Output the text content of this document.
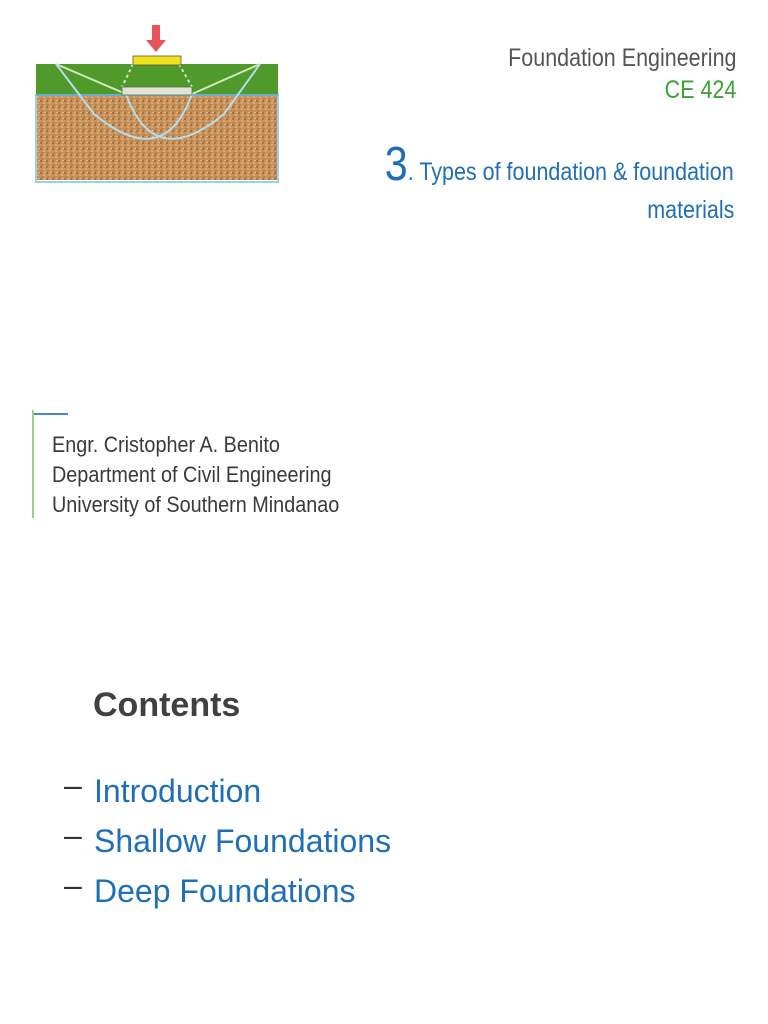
Foundation Engineering
CE 424
3. Types of foundation & foundation
materials
Engr. Cristopher A. Benito
Department of Civil Engineering
University of Southern Mindanao
Contents
– Introduction
– Shallow Foundations
– Deep Foundations
